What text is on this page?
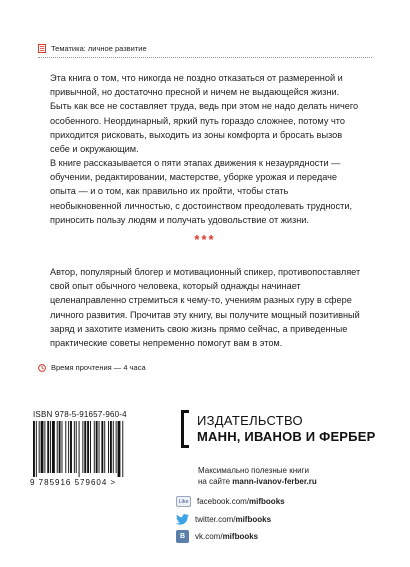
Тематика: личное развитие

Эта книга о том, что никогда не поздно отказаться от размеренной и привычной, но достаточно пресной и ничем не выдающейся жизни. Быть как все не составляет труда, ведь при этом не надо делать ничего особенного. Неординарный, яркий путь гораздо сложнее, потому что приходится рисковать, выходить из зоны комфорта и бросать вызов себе и окружающим.

В книге рассказывается о пяти этапах движения к незаурядности — обучении, редактировании, мастерстве, уборке урожая и передаче опыта — и о том, как правильно их пройти, чтобы стать необыкновенной личностью, с достоинством преодолевать трудности, приносить пользу людям и получать удовольствие от жизни.

***

Автор, популярный блогер и мотивационный спикер, противопоставляет свой опыт обычного человека, который однажды начинает целенаправленно стремиться к чему-то, учениям разных гуру в сфере личного развития. Прочитав эту книгу, вы получите мощный позитивный заряд и захотите изменить свою жизнь прямо сейчас, а приведенные практические советы непременно помогут вам в этом.

Время прочтения — 4 часа
ISBN 978-5-91657-960-4
9 785916 579604 >
ИЗДАТЕЛЬСТВО
МАНН, ИВАНОВ И ФЕРБЕР
Максимально полезные книги
на сайте mann-ivanov-ferber.ru
Like	facebook.com/mifbooks
twitter.com/mifbooks
B	vk.com/mifbooks
